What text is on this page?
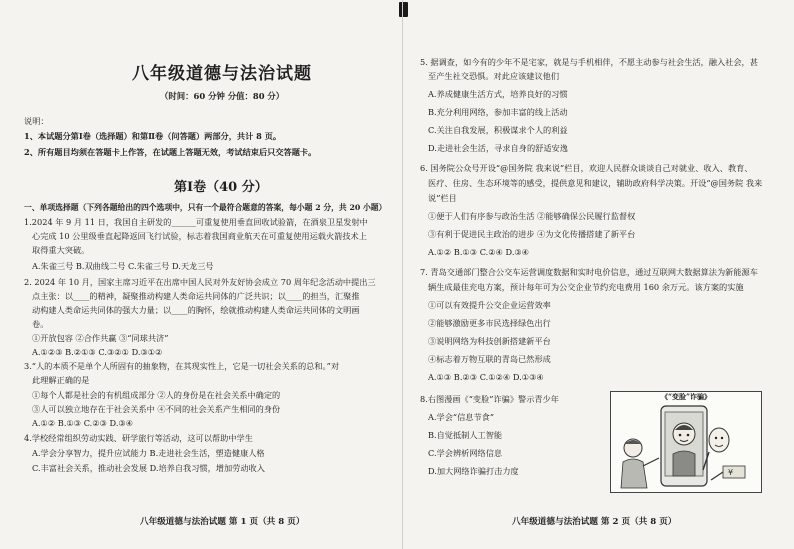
八年级道德与法治试题
（时间：60 分钟 分值：80 分）
说明：
1、本试题分第Ⅰ卷（选择题）和第Ⅱ卷（问答题）两部分，共计 8 页。
2、所有题目均须在答题卡上作答，在试题上答题无效，考试结束后只交答题卡。
第Ⅰ卷（40 分）
一、单项选择题（下列各题给出的四个选项中，只有一个最符合题意的答案，每小题 2 分，共 20 小题）
1.2024 年 9 月 11 日，我国自主研发的______可重复使用垂直回收试验箭，在酒泉卫星发射中
心完成 10 公里级垂直起降返回飞行试验，标志着我国商业航天在可重复使用运载火箭技术上
取得重大突破。
A.朱雀三号 B.双曲线二号 C.朱雀三号 D.天龙三号
2. 2024 年 10 月，国家主席习近平在出席中国人民对外友好协会成立 70 周年纪念活动中提出三
点主张：以____的精神，凝聚推动构建人类命运共同体的广泛共识；以____的担当，汇聚推
动构建人类命运共同体的强大力量；以____的胸怀，绘就推动构建人类命运共同体的文明画
卷。
①开放包容 ②合作共赢 ③“同球共济”
A.①②③ B.②①③ C.③②① D.③①②
3.“人的本质不是单个人所固有的抽象物，在其现实性上，它是一切社会关系的总和。”对
此理解正确的是
①每个人都是社会的有机组成部分 ②人的身份是在社会关系中确定的
③人可以独立地存在于社会关系中 ④不同的社会关系产生相同的身份
A.①② B.①③ C.②③ D.③④
4.学校经常组织劳动实践、研学旅行等活动，这可以帮助中学生
A.学会分享智力，提升应试能力 B.走进社会生活，塑造健康人格
C.丰富社会关系，推动社会发展 D.培养自我习惯，增加劳动收入
八年级道德与法治试题 第 1 页（共 8 页）
5. 据调查，如今有的少年不是宅家，就是与手机相伴，不愿主动参与社会生活，融入社会，甚
至产生社交恐惧。对此应该建议他们
A.养成健康生活方式，培养良好的习惯
B.充分利用网络，参加丰富的线上活动
C.关注自我发展，积极谋求个人的利益
D.走进社会生活，寻求自身的舒适安逸
6. 国务院公众号开设“@国务院 我来说”栏目，欢迎人民群众谈谈自己对就业、收入、教育、
医疗、住房、生态环境等的感受，提供意见和建议，辅助政府科学决策。开设“@国务院 我来
说”栏目
①便于人们有序参与政治生活 ②能够确保公民履行监督权
③有利于促进民主政治的进步 ④为文化传播搭建了新平台
A.①② B.①③ C.②④ D.③④
7. 青岛交通部门整合公交车运营调度数据和实时电价信息，通过互联网大数据算法为新能源车
辆生成最佳充电方案，预计每年可为公交企业节约充电费用 160 余万元。该方案的实施
①可以有效提升公交企业运营效率
②能够激励更多市民选择绿色出行
③说明网络为科技创新搭建新平台
④标志着万物互联的青岛已然形成
A.①③ B.②③ C.①②④ D.①③④
8.右图漫画《“变脸”诈骗》警示青少年
A.学会“信息节食”
B.自觉抵制人工智能
C.学会辨析网络信息
D.加大网络诈骗打击力度
《“变脸”诈骗》
¥
八年级道德与法治试题 第 2 页（共 8 页）
